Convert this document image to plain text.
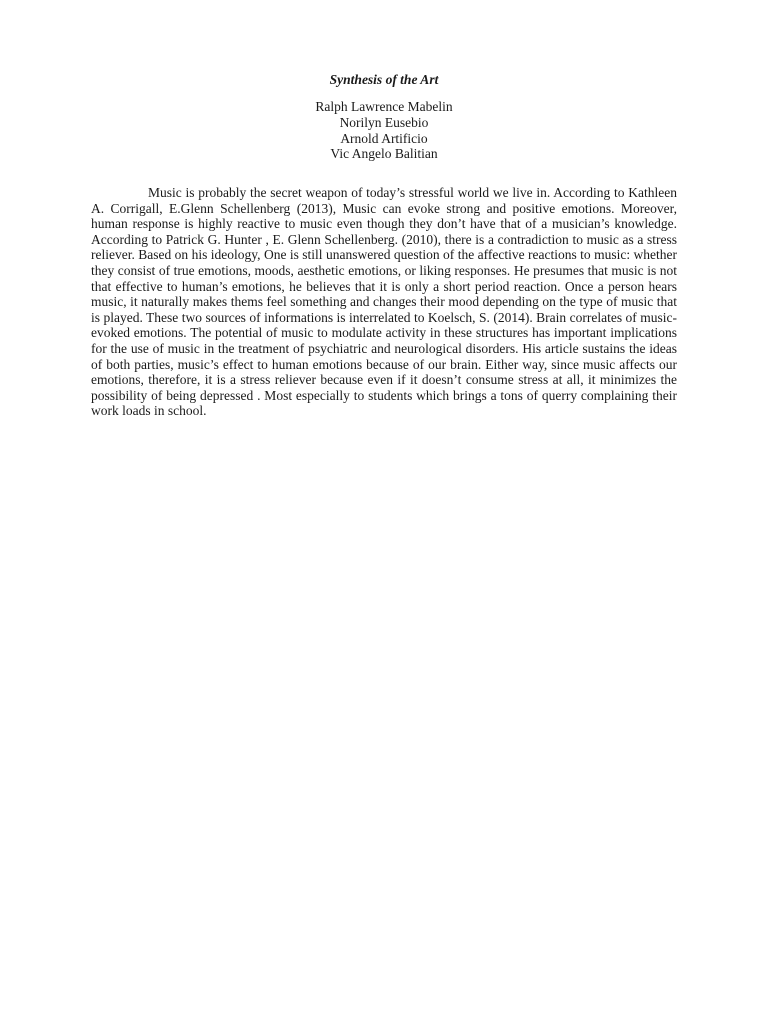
Synthesis of the Art
Ralph Lawrence Mabelin
Norilyn Eusebio
Arnold Artificio
Vic Angelo Balitian

Music is probably the secret weapon of today’s stressful world we live in. According to Kathleen A. Corrigall, E.Glenn Schellenberg (2013), Music can evoke strong and positive emotions. Moreover, human response is highly reactive to music even though they don’t have that of a musician’s knowledge. According to Patrick G. Hunter , E. Glenn Schellenberg. (2010), there is a contradiction to music as a stress reliever. Based on his ideology, One is still unanswered question of the affective reactions to music: whether they consist of true emotions, moods, aesthetic emotions, or liking responses. He presumes that music is not that effective to human’s emotions, he believes that it is only a short period reaction. Once a person hears music, it naturally makes thems feel something and changes their mood depending on the type of music that is played. These two sources of informations is interrelated to Koelsch, S. (2014). Brain correlates of music-evoked emotions. The potential of music to modulate activity in these structures has important implications for the use of music in the treatment of psychiatric and neurological disorders. His article sustains the ideas of both parties, music’s effect to human emotions because of our brain. Either way, since music affects our emotions, therefore, it is a stress reliever because even if it doesn’t consume stress at all, it minimizes the possibility of being depressed . Most especially to students which brings a tons of querry complaining their work loads in school.
